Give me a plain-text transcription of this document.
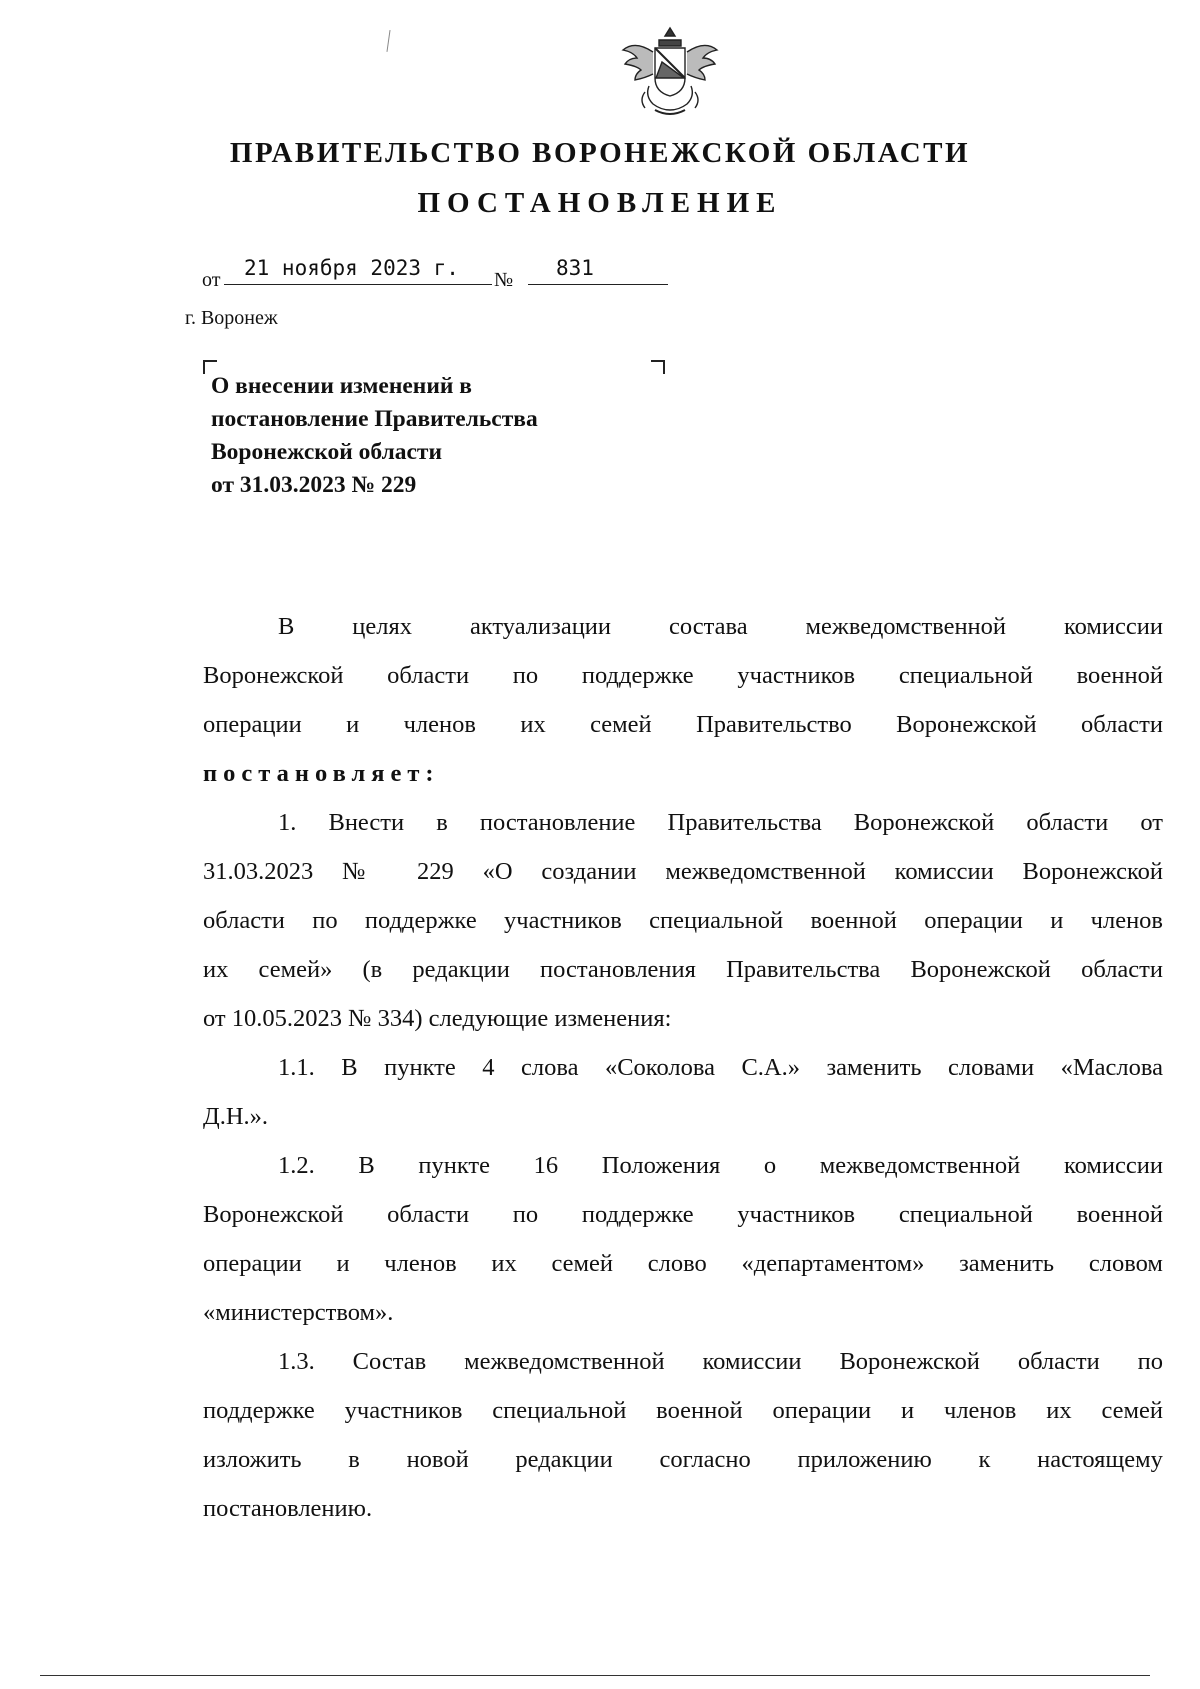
ПРАВИТЕЛЬСТВО ВОРОНЕЖСКОЙ ОБЛАСТИ
ПОСТАНОВЛЕНИЕ
от	21 ноября 2023 г.	№	831
г. Воронеж
О внесении изменений в
постановление Правительства
Воронежской области
от 31.03.2023 № 229
В целях актуализации состава межведомственной комиссии
Воронежской области по поддержке участников специальной военной
операции и членов их семей Правительство Воронежской области
постановляет:
1. Внести в постановление Правительства Воронежской области от
31.03.2023 № 229 «О создании межведомственной комиссии Воронежской
области по поддержке участников специальной военной операции и членов
их семей» (в редакции постановления Правительства Воронежской области
от 10.05.2023 № 334) следующие изменения:
1.1. В пункте 4 слова «Соколова С.А.» заменить словами «Маслова
Д.Н.».
1.2. В пункте 16 Положения о межведомственной комиссии
Воронежской области по поддержке участников специальной военной
операции и членов их семей слово «департаментом» заменить словом
«министерством».
1.3. Состав межведомственной комиссии Воронежской области по
поддержке участников специальной военной операции и членов их семей
изложить в новой редакции согласно приложению к настоящему
постановлению.
